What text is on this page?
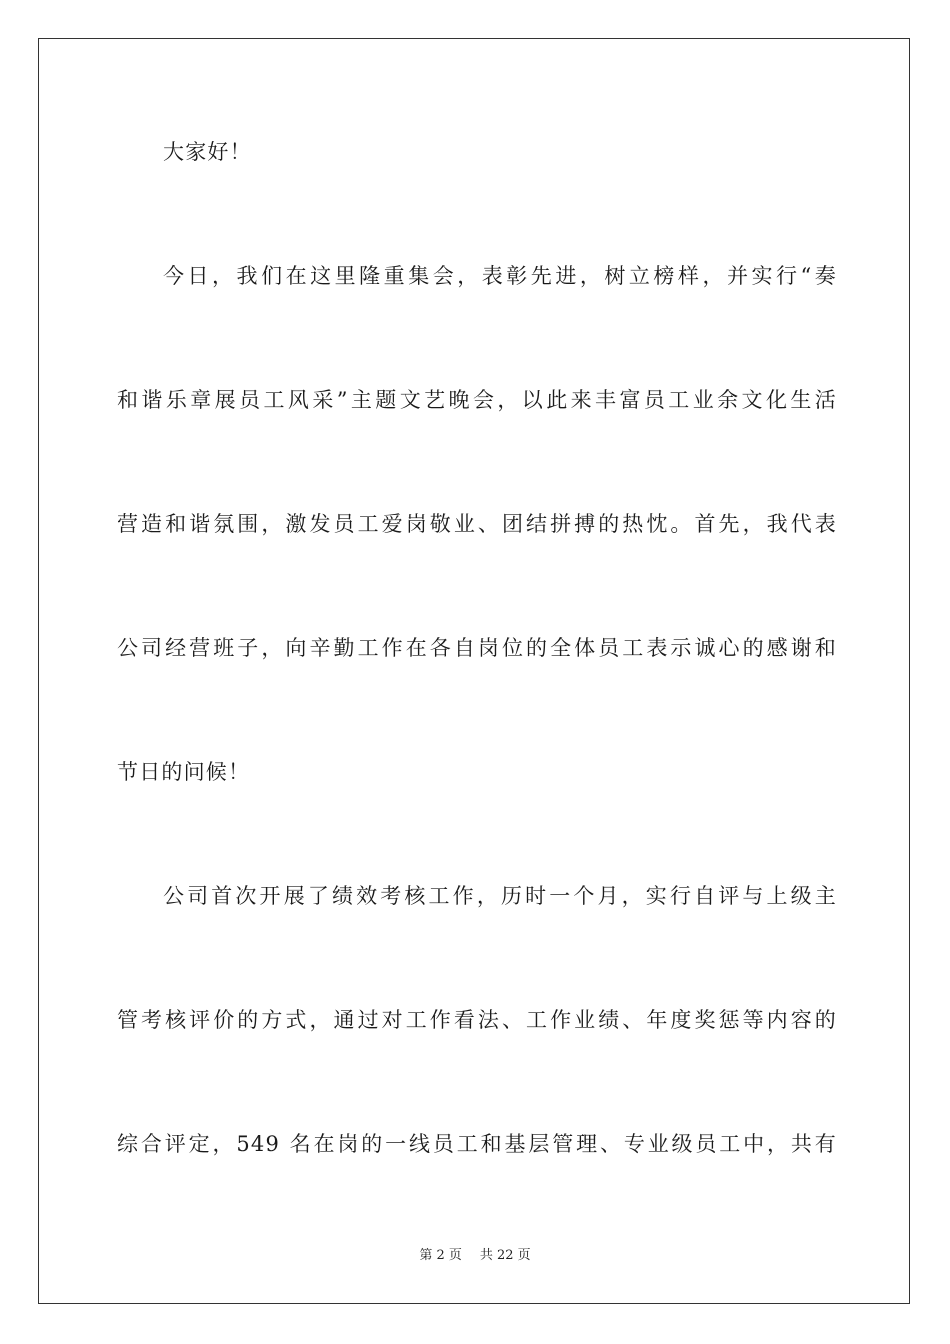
大家好！
今日，我们在这里隆重集会，表彰先进，树立榜样，并实行“奏
和谐乐章展员工风采”主题文艺晚会，以此来丰富员工业余文化生活
营造和谐氛围，激发员工爱岗敬业、团结拼搏的热忱。首先，我代表
公司经营班子，向辛勤工作在各自岗位的全体员工表示诚心的感谢和
节日的问候！
公司首次开展了绩效考核工作，历时一个月，实行自评与上级主
管考核评价的方式，通过对工作看法、工作业绩、年度奖惩等内容的
综合评定，549 名在岗的一线员工和基层管理、专业级员工中，共有
第 2 页 共 22 页
